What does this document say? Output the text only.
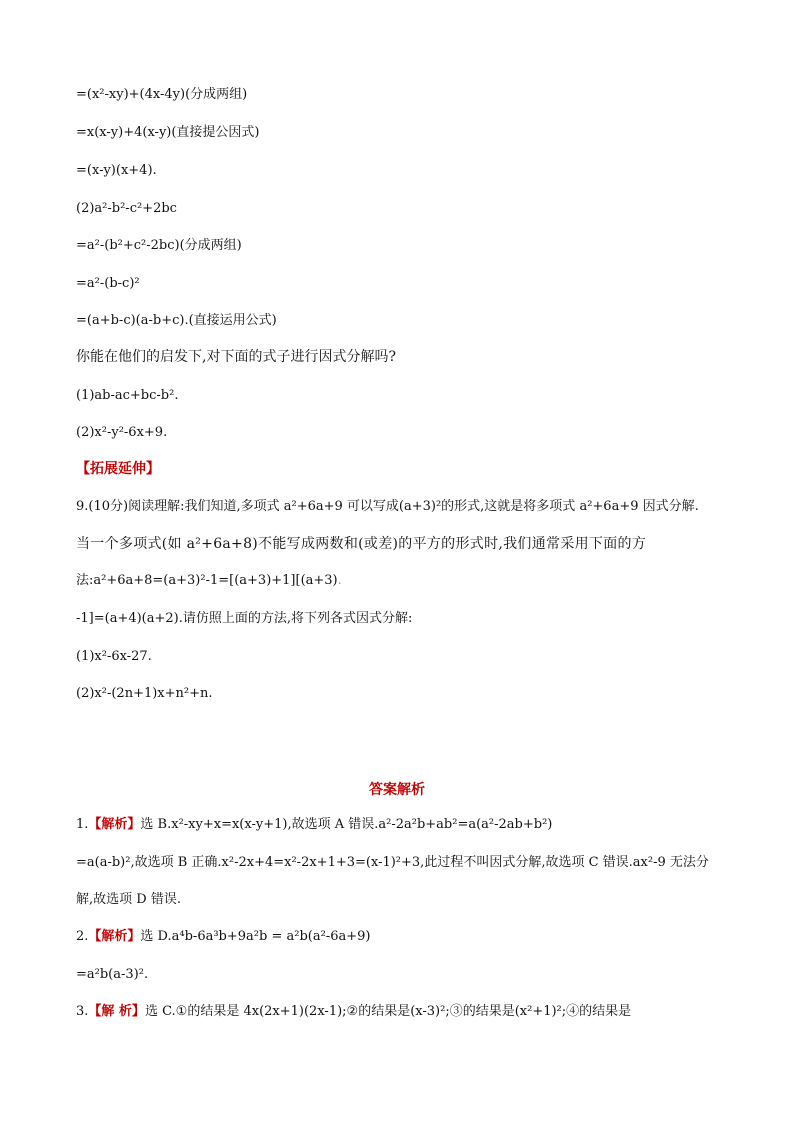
=(x²-xy)+(4x-4y)(分成两组)
=x(x-y)+4(x-y)(直接提公因式)
=(x-y)(x+4).
(2)a²-b²-c²+2bc
=a²-(b²+c²-2bc)(分成两组)
=a²-(b-c)²
=(a+b-c)(a-b+c).(直接运用公式)
你能在他们的启发下,对下面的式子进行因式分解吗?
(1)ab-ac+bc-b².
(2)x²-y²-6x+9.
【拓展延伸】
9.(10分)阅读理解:我们知道,多项式 a²+6a+9 可以写成(a+3)²的形式,这就是将多项式 a²+6a+9 因式分解.
当一个多项式(如 a²+6a+8)不能写成两数和(或差)的平方的形式时,我们通常采用下面的方
法:a²+6a+8=(a+3)²-1=[(a+3)+1][(a+3).
-1]=(a+4)(a+2).请仿照上面的方法,将下列各式因式分解:
(1)x²-6x-27.
(2)x²-(2n+1)x+n²+n.
答案解析
1.【解析】选 B.x²-xy+x=x(x-y+1),故选项 A 错误.a²-2a²b+ab²=a(a²-2ab+b²)
=a(a-b)²,故选项 B 正确.x²-2x+4=x²-2x+1+3=(x-1)²+3,此过程不叫因式分解,故选项 C 错误.ax²-9 无法分
解,故选项 D 错误.
2.【解析】选 D.a⁴b-6a³b+9a²b = a²b(a²-6a+9)
=a²b(a-3)².
3.【解 析】选 C.①的结果是 4x(2x+1)(2x-1);②的结果是(x-3)²;③的结果是(x²+1)²;④的结果是
